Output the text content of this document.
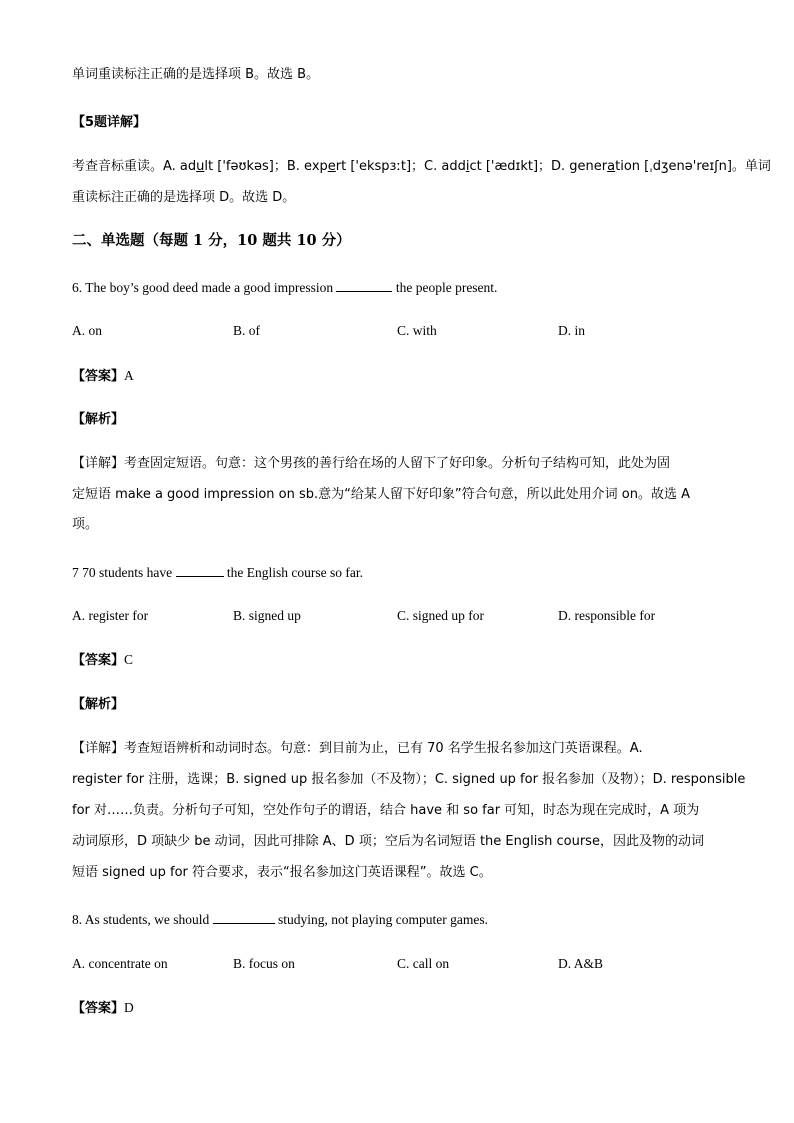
单词重读标注正确的是选择项 B。故选 B。
【5题详解】
考查音标重读。A. adult ['fəʊkəs]；B. expert ['ekspɜːt]；C. addict ['ædɪkt]；D. generation [ˌdʒenə'reɪʃn]。单词
重读标注正确的是选择项 D。故选 D。
二、单选题（每题 1 分，10 题共 10 分）
6. The boy’s good deed made a good impression	the people present.
A. on	B. of	C. with	D. in
【答案】A
【解析】
【详解】考查固定短语。句意：这个男孩的善行给在场的人留下了好印象。分析句子结构可知，此处为固
定短语 make a good impression on sb.意为“给某人留下好印象”符合句意，所以此处用介词 on。故选 A
项。
7 70 students have	the English course so far.
A. register for	B. signed up	C. signed up for	D. responsible for
【答案】C
【解析】
【详解】考查短语辨析和动词时态。句意：到目前为止，已有 70 名学生报名参加这门英语课程。A.
register for 注册，选课；B. signed up 报名参加（不及物）；C. signed up for 报名参加（及物）；D. responsible
for 对……负责。分析句子可知，空处作句子的谓语，结合 have 和 so far 可知，时态为现在完成时，A 项为
动词原形，D 项缺少 be 动词，因此可排除 A、D 项；空后为名词短语 the English course，因此及物的动词
短语 signed up for 符合要求，表示“报名参加这门英语课程”。故选 C。
8. As students, we should	studying, not playing computer games.
A. concentrate on	B. focus on	C. call on	D. A&B
【答案】D
